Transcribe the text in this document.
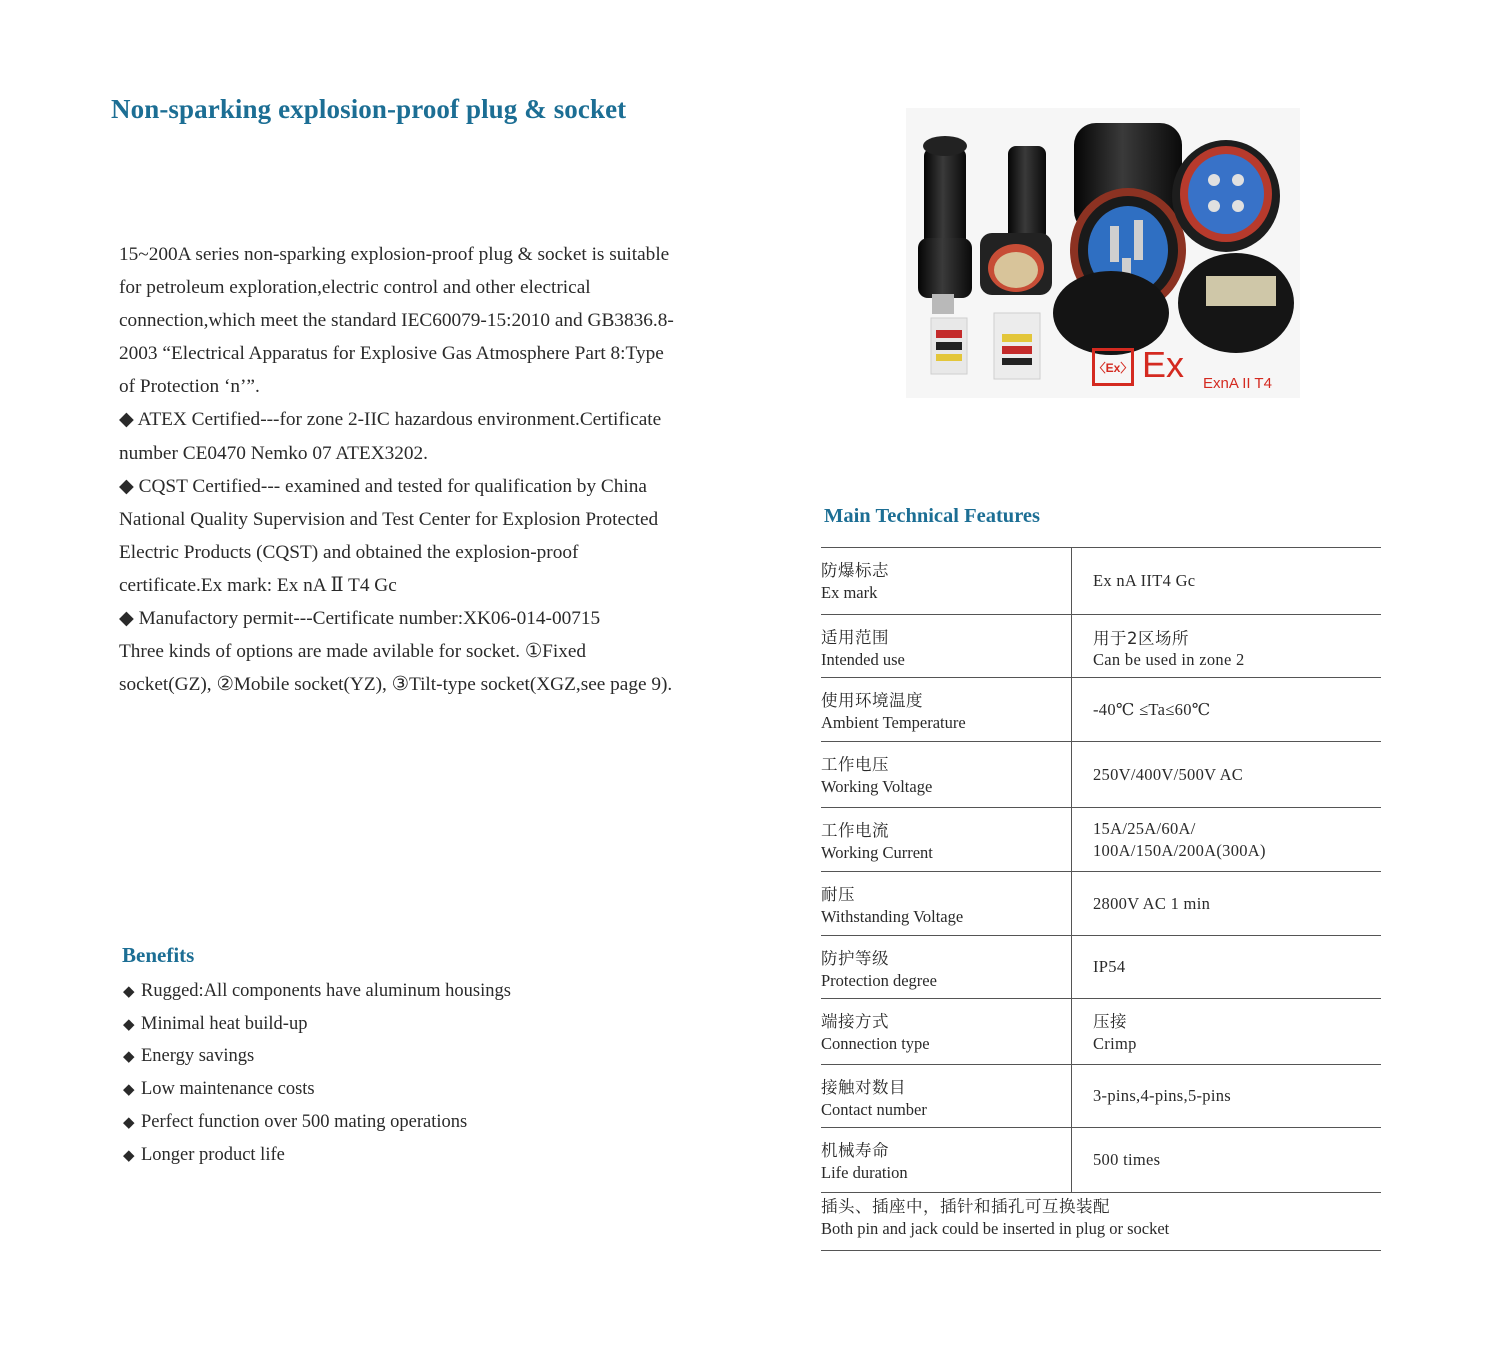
Non-sparking explosion-proof plug & socket

15~200A series non-sparking explosion-proof plug & socket is suitable for petroleum exploration,electric control and other electrical connection,which meet the standard IEC60079-15:2010 and GB3836.8-2003 “Electrical Apparatus for Explosive Gas Atmosphere Part 8:Type of Protection ‘n’”.

◆ ATEX Certified---for zone 2-IIC hazardous environment.Certificate number CE0470 Nemko 07 ATEX3202.

◆ CQST Certified--- examined and tested for qualification by China National Quality Supervision and Test Center for Explosion Protected Electric Products (CQST) and obtained the explosion-proof certificate.Ex mark: Ex nA Ⅱ T4 Gc

◆ Manufactory permit---Certificate number:XK06-014-00715

Three kinds of options are made avilable for socket. ①Fixed socket(GZ), ②Mobile socket(YZ), ③Tilt-type socket(XGZ,see page 9).

Benefits
◆ Rugged:All components have aluminum housings
◆ Minimal heat build-up
◆ Energy savings
◆ Low maintenance costs
◆ Perfect function over 500 mating operations
◆ Longer product life
〈Ex〉 Ex ExnA II T4
Main Technical Features
防爆标志
Ex mark
Ex nA IIT4 Gc
适用范围
Intended use
用于2区场所
Can be used in zone 2
使用环境温度
Ambient Temperature
-40℃ ≤Ta≤60℃
工作电压
Working Voltage
250V/400V/500V AC
工作电流
Working Current
15A/25A/60A/
100A/150A/200A(300A)
耐压
Withstanding Voltage
2800V AC 1 min
防护等级
Protection degree
IP54
端接方式
Connection type
压接
Crimp
接触对数目
Contact number
3-pins,4-pins,5-pins
机械寿命
Life duration
500 times
插头、插座中，插针和插孔可互换装配
Both pin and jack could be inserted in plug or socket
